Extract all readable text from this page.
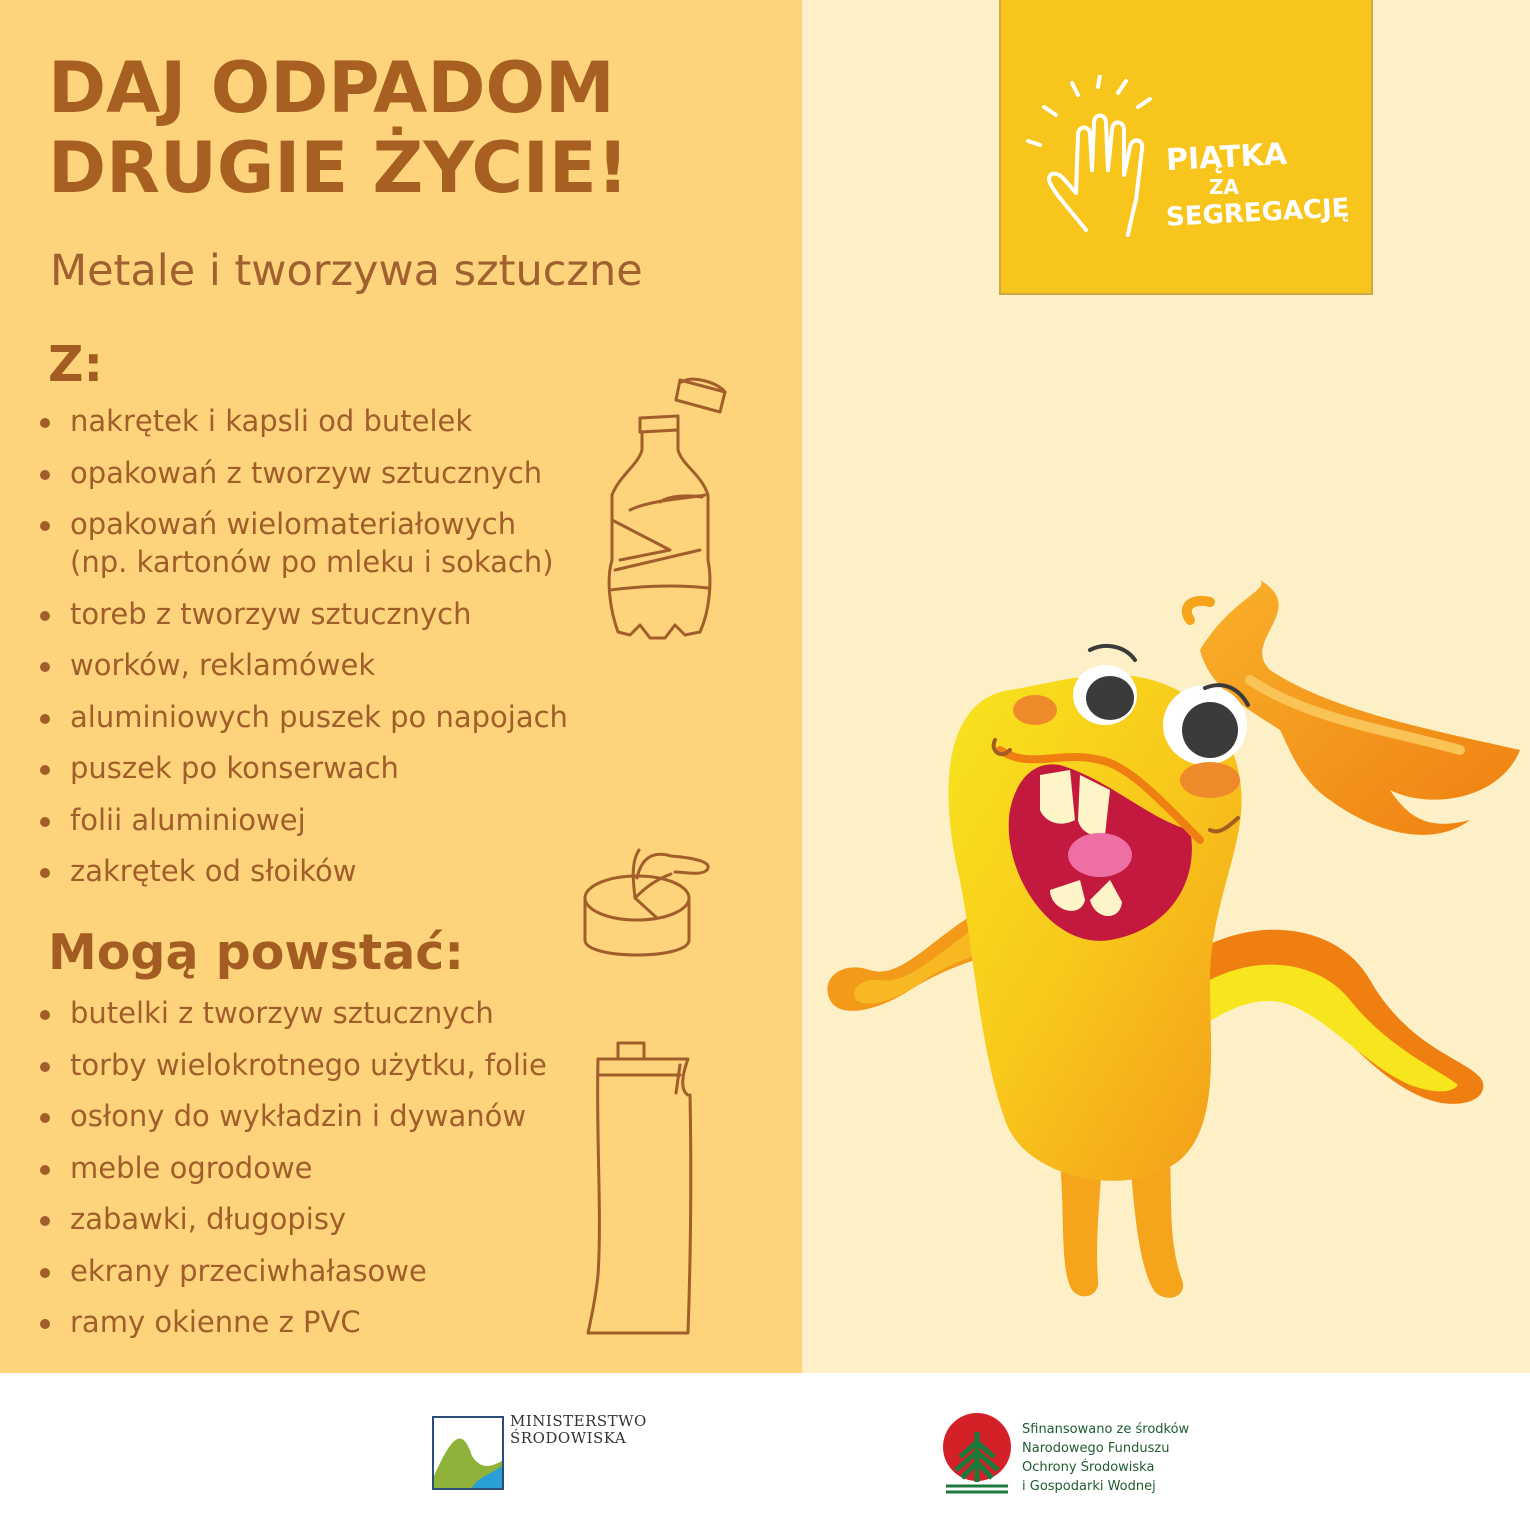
DAJ ODPADOM
DRUGIE ŻYCIE!
Metale i tworzywa sztuczne
Z:
nakrętek i kapsli od butelek
opakowań z tworzyw sztucznych
opakowań wielomateriałowych
(np. kartonów po mleku i sokach)
toreb z tworzyw sztucznych
worków, reklamówek
aluminiowych puszek po napojach
puszek po konserwach
folii aluminiowej
zakrętek od słoików
Mogą powstać:
butelki z tworzyw sztucznych
torby wielokrotnego użytku, folie
osłony do wykładzin i dywanów
meble ogrodowe
zabawki, długopisy
ekrany przeciwhałasowe
ramy okienne z PVC
PIĄTKA
ZA
SEGREGACJĘ
MINISTERSTWO
ŚRODOWISKA	Sfinansowano ze środków
Narodowego Funduszu
Ochrony Środowiska
i Gospodarki Wodnej
